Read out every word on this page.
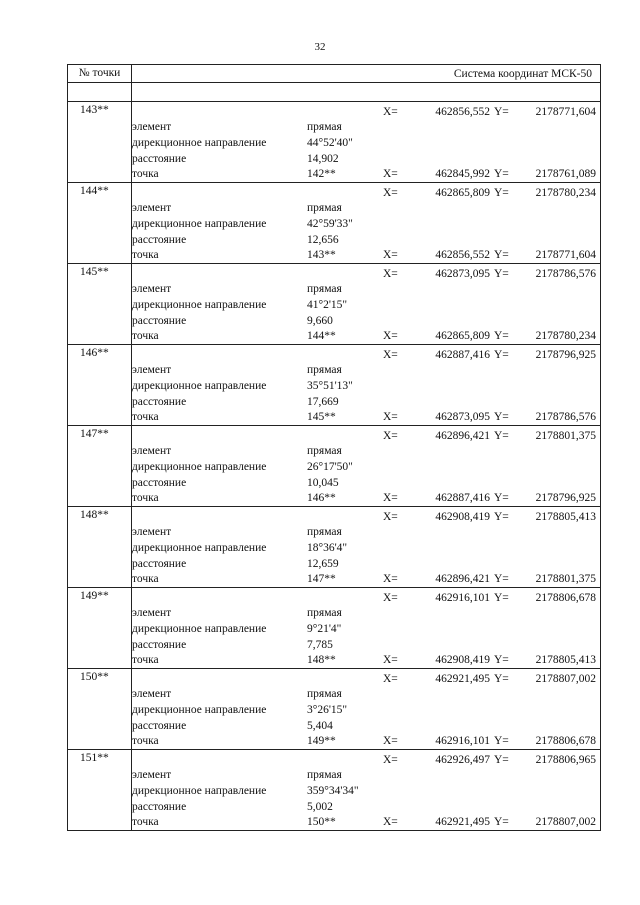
32
№ точки	Система координат МСК-50
143**	X=	462856,552 Y=	2178771,604
элемент	прямая
дирекционное направление	44°52'40"
расстояние	14,902
точка	142**	X=	462845,992 Y=	2178761,089
144**	X=	462865,809 Y=	2178780,234
элемент	прямая
дирекционное направление	42°59'33"
расстояние	12,656
точка	143**	X=	462856,552 Y=	2178771,604
145**	X=	462873,095 Y=	2178786,576
элемент	прямая
дирекционное направление	41°2'15"
расстояние	9,660
точка	144**	X=	462865,809 Y=	2178780,234
146**	X=	462887,416 Y=	2178796,925
элемент	прямая
дирекционное направление	35°51'13"
расстояние	17,669
точка	145**	X=	462873,095 Y=	2178786,576
147**	X=	462896,421 Y=	2178801,375
элемент	прямая
дирекционное направление	26°17'50"
расстояние	10,045
точка	146**	X=	462887,416 Y=	2178796,925
148**	X=	462908,419 Y=	2178805,413
элемент	прямая
дирекционное направление	18°36'4"
расстояние	12,659
точка	147**	X=	462896,421 Y=	2178801,375
149**	X=	462916,101 Y=	2178806,678
элемент	прямая
дирекционное направление	9°21'4"
расстояние	7,785
точка	148**	X=	462908,419 Y=	2178805,413
150**	X=	462921,495 Y=	2178807,002
элемент	прямая
дирекционное направление	3°26'15"
расстояние	5,404
точка	149**	X=	462916,101 Y=	2178806,678
151**	X=	462926,497 Y=	2178806,965
элемент	прямая
дирекционное направление	359°34'34"
расстояние	5,002
точка	150**	X=	462921,495 Y=	2178807,002
